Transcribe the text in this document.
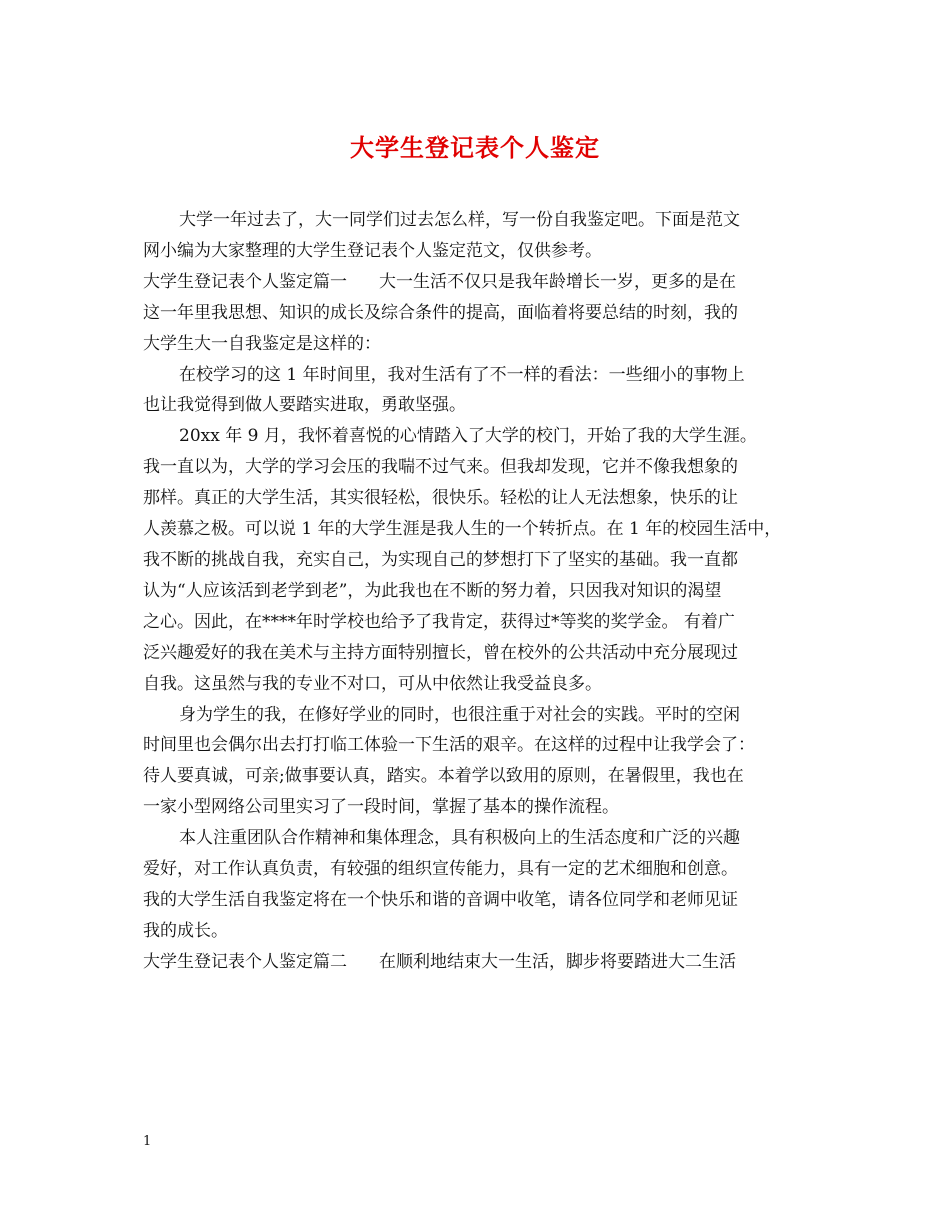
大学生登记表个人鉴定
大学一年过去了，大一同学们过去怎么样，写一份自我鉴定吧。下面是范文
网小编为大家整理的大学生登记表个人鉴定范文，仅供参考。
大学生登记表个人鉴定篇一 大一生活不仅只是我年龄增长一岁，更多的是在
这一年里我思想、知识的成长及综合条件的提高，面临着将要总结的时刻，我的
大学生大一自我鉴定是这样的：
在校学习的这 1 年时间里，我对生活有了不一样的看法：一些细小的事物上
也让我觉得到做人要踏实进取，勇敢坚强。
20xx 年 9 月，我怀着喜悦的心情踏入了大学的校门，开始了我的大学生涯。
我一直以为，大学的学习会压的我喘不过气来。但我却发现，它并不像我想象的
那样。真正的大学生活，其实很轻松，很快乐。轻松的让人无法想象，快乐的让
人羡慕之极。可以说 1 年的大学生涯是我人生的一个转折点。在 1 年的校园生活中，
我不断的挑战自我，充实自己，为实现自己的梦想打下了坚实的基础。我一直都
认为“人应该活到老学到老”，为此我也在不断的努力着，只因我对知识的渴望
之心。因此，在****年时学校也给予了我肯定，获得过*等奖的奖学金。 有着广
泛兴趣爱好的我在美术与主持方面特别擅长，曾在校外的公共活动中充分展现过
自我。这虽然与我的专业不对口，可从中依然让我受益良多。
身为学生的我，在修好学业的同时，也很注重于对社会的实践。平时的空闲
时间里也会偶尔出去打打临工体验一下生活的艰辛。在这样的过程中让我学会了：
待人要真诚，可亲;做事要认真，踏实。本着学以致用的原则，在暑假里，我也在
一家小型网络公司里实习了一段时间，掌握了基本的操作流程。
本人注重团队合作精神和集体理念，具有积极向上的生活态度和广泛的兴趣
爱好，对工作认真负责，有较强的组织宣传能力，具有一定的艺术细胞和创意。
我的大学生活自我鉴定将在一个快乐和谐的音调中收笔，请各位同学和老师见证
我的成长。
大学生登记表个人鉴定篇二 在顺利地结束大一生活，脚步将要踏进大二生活
1
